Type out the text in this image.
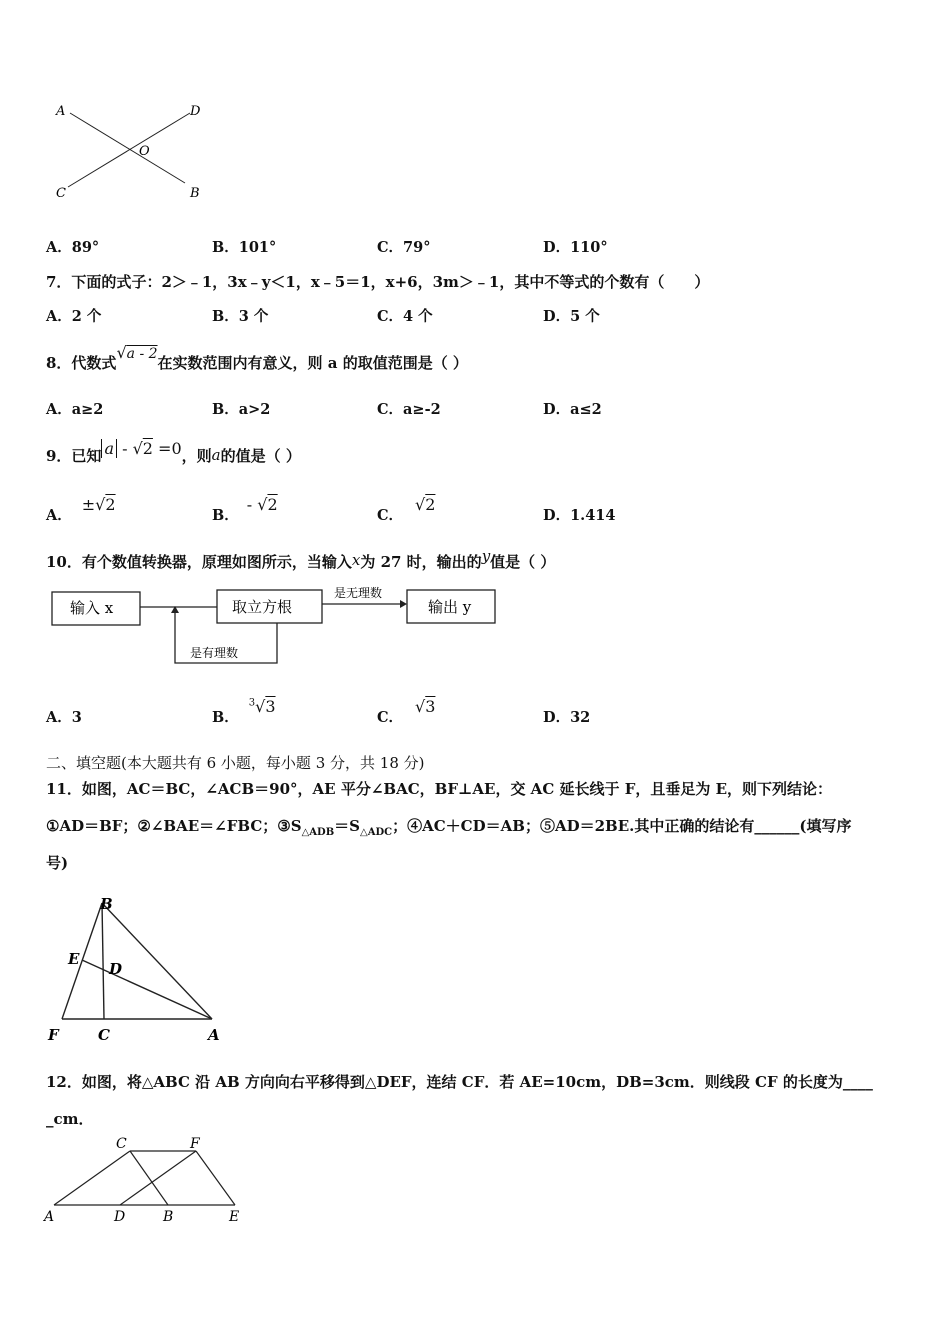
A	D
O
C	B
A．89°	B．101°	C．79°	D．110°
7．下面的式子：2＞﹣1，3x﹣y＜1，x﹣5＝1，x+6，3m＞﹣1，其中不等式的个数有（　　）
A．2 个	B．3 个	C．4 个	D．5 个
8．代数式√a - 2在实数范围内有意义，则 a 的取值范围是（ ）
A．a≥2	B．a>2	C．a≥-2	D．a≤2
9．已知 a - √2 =0，则a的值是（ ）
A．±√2
B．- √2
C．√2
D．1.414
10．有个数值转换器，原理如图所示，当输入x为 27 时，输出的y值是（ ）
输入 x	取立方根
是无理数
输出 y
是有理数
A．3	B．$^3$√3
C．√3
D．32
二、填空题(本大题共有 6 小题，每小题 3 分，共 18 分)
11．如图，AC＝BC，∠ACB＝90°，AE 平分∠BAC，BF⊥AE，交 AC 延长线于 F，且垂足为 E，则下列结论：
①AD＝BF；②∠BAE＝∠FBC；$③S_{\triangle ADB}=S_{\triangle ADC}$；④AC＋CD＝AB；⑤AD＝2BE.其中正确的结论有______(填写序
号)
B
E
D
F	C	A
12．如图，将△ABC 沿 AB 方向向右平移得到△DEF，连结 CF．若 AE=10cm，DB=3cm．则线段 CF 的长度为____
_cm．
C	F
A	D	B	E
